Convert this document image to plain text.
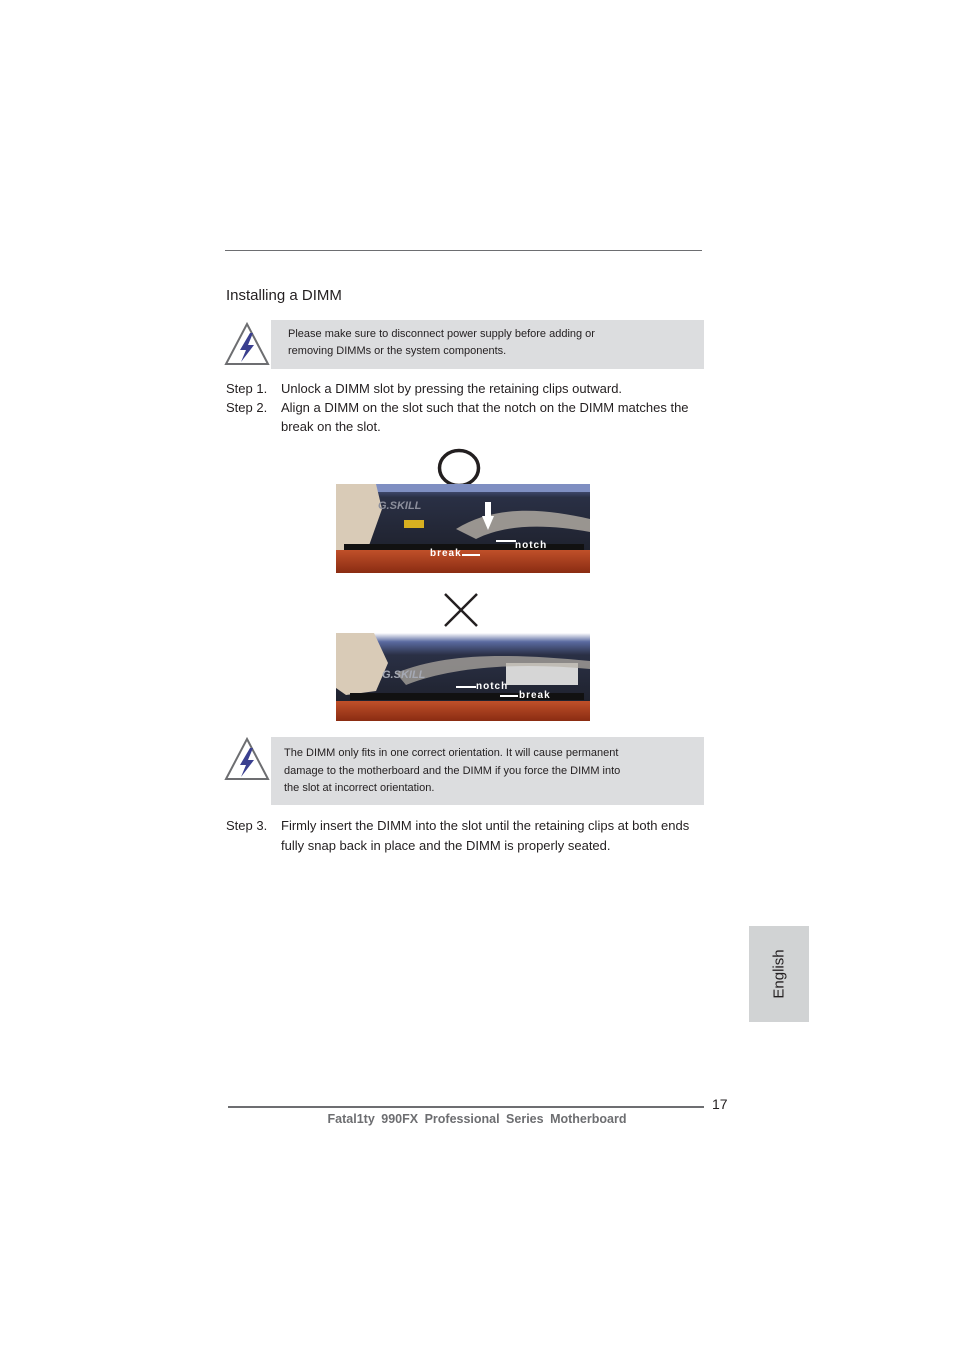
Installing a DIMM
Please make sure to disconnect power supply before adding or
removing DIMMs or the system components.
Step 1. Unlock a DIMM slot by pressing the retaining clips outward.
Step 2. Align a DIMM on the slot such that the notch on the DIMM matches the
break on the slot.
G.SKILL
notch
break
G.SKILL
notch
break
The DIMM only fits in one correct orientation. It will cause permanent
damage to the motherboard and the DIMM if you force the DIMM into
the slot at incorrect orientation.
Step 3. Firmly insert the DIMM into the slot until the retaining clips at both ends
fully snap back in place and the DIMM is properly seated.
English
17
Fatal1ty 990FX Professional Series Motherboard
